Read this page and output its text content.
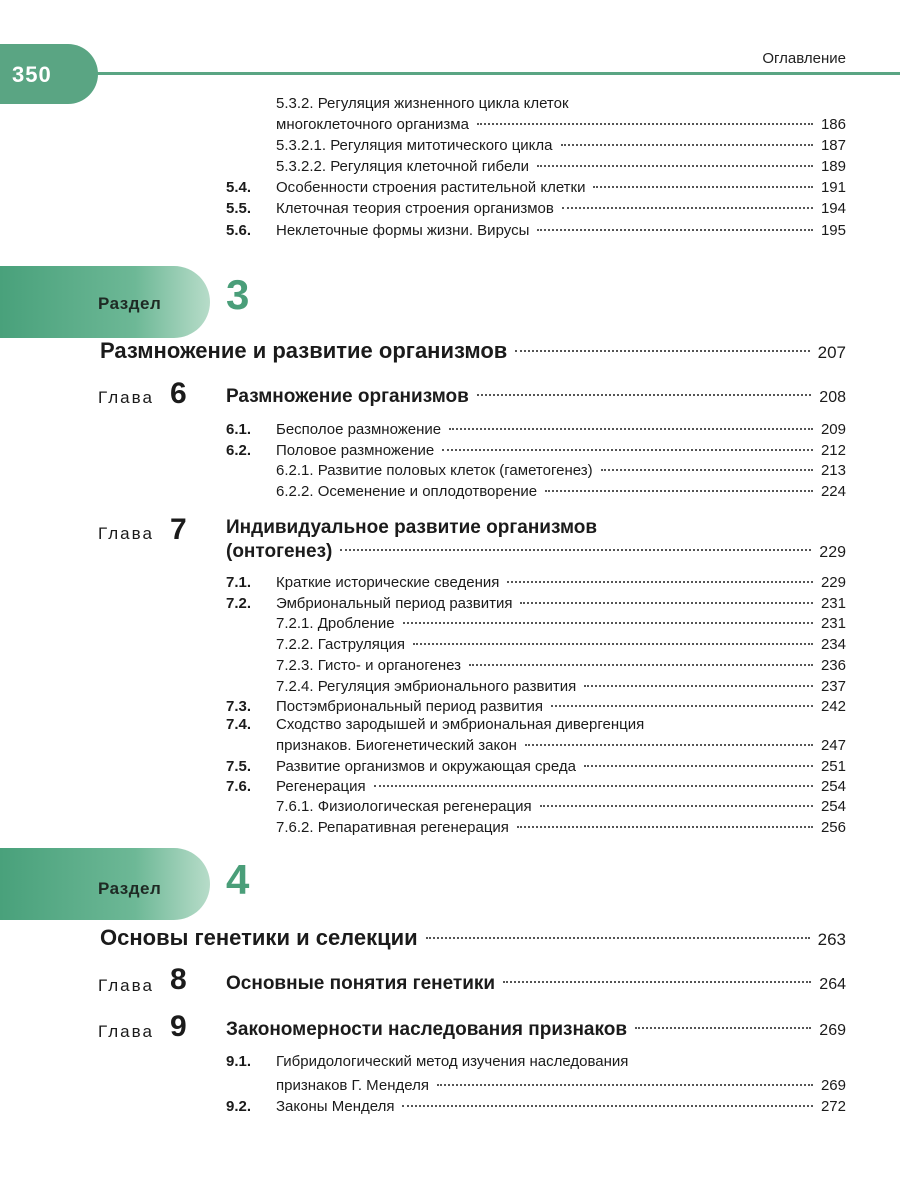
350
Оглавление
5.3.2. Регуляция жизненного цикла клеток
многоклеточного организма	186
5.3.2.1. Регуляция митотического цикла	187
5.3.2.2. Регуляция клеточной гибели	189
5.4. Особенности строения растительной клетки	191
5.5. Клеточная теория строения организмов	194
5.6. Неклеточные формы жизни. Вирусы	195
Раздел 3
Размножение и развитие организмов	207
Глава 6 Размножение организмов	208
6.1. Бесполое размножение	209
6.2. Половое размножение	212
6.2.1. Развитие половых клеток (гаметогенез)	213
6.2.2. Осеменение и оплодотворение	224
Глава 7 Индивидуальное развитие организмов
(онтогенез)	229
7.1. Краткие исторические сведения	229
7.2. Эмбриональный период развития	231
7.2.1. Дробление	231
7.2.2. Гаструляция	234
7.2.3. Гисто- и органогенез	236
7.2.4. Регуляция эмбрионального развития	237
7.3. Постэмбриональный период развития	242
7.4. Сходство зародышей и эмбриональная дивергенция
признаков. Биогенетический закон	247
7.5. Развитие организмов и окружающая среда	251
7.6. Регенерация	254
7.6.1. Физиологическая регенерация	254
7.6.2. Репаративная регенерация	256
Раздел 4
Основы генетики и селекции	263
Глава 8 Основные понятия генетики	264
Глава 9 Закономерности наследования признаков	269
9.1. Гибридологический метод изучения наследования
признаков Г. Менделя	269
9.2. Законы Менделя	272
